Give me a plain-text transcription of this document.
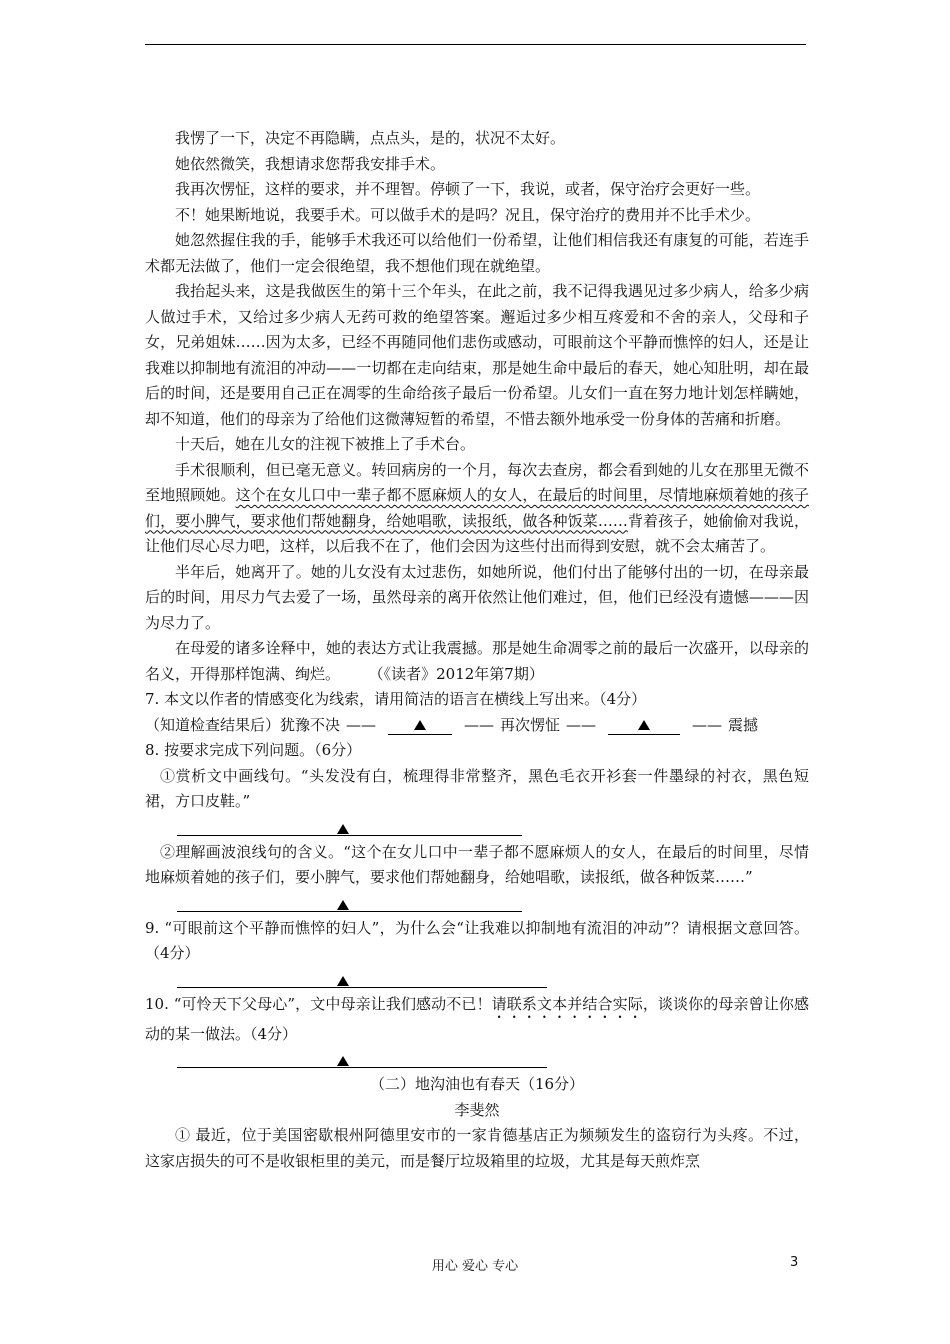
我愣了一下，决定不再隐瞒，点点头，是的，状况不太好。

她依然微笑，我想请求您帮我安排手术。

我再次愣怔，这样的要求，并不理智。停顿了一下，我说，或者，保守治疗会更好一些。

不！她果断地说，我要手术。可以做手术的是吗？况且，保守治疗的费用并不比手术少。

她忽然握住我的手，能够手术我还可以给他们一份希望，让他们相信我还有康复的可能，若连手术都无法做了，他们一定会很绝望，我不想他们现在就绝望。

我抬起头来，这是我做医生的第十三个年头，在此之前，我不记得我遇见过多少病人，给多少病人做过手术，又给过多少病人无药可救的绝望答案。邂逅过多少相互疼爱和不舍的亲人，父母和子女，兄弟姐妹……因为太多，已经不再随同他们悲伤或感动，可眼前这个平静而憔悴的妇人，还是让我难以抑制地有流泪的冲动——一切都在走向结束，那是她生命中最后的春天，她心知肚明，却在最后的时间，还是要用自己正在凋零的生命给孩子最后一份希望。儿女们一直在努力地计划怎样瞒她，却不知道，他们的母亲为了给他们这微薄短暂的希望，不惜去额外地承受一份身体的苦痛和折磨。

十天后，她在儿女的注视下被推上了手术台。

手术很顺利，但已毫无意义。转回病房的一个月，每次去查房，都会看到她的儿女在那里无微不至地照顾她。这个在女儿口中一辈子都不愿麻烦人的女人，在最后的时间里，尽情地麻烦着她的孩子们，要小脾气，要求他们帮她翻身，给她唱歌，读报纸，做各种饭菜……背着孩子，她偷偷对我说，让他们尽心尽力吧，这样，以后我不在了，他们会因为这些付出而得到安慰，就不会太痛苦了。

半年后，她离开了。她的儿女没有太过悲伤，如她所说，他们付出了能够付出的一切，在母亲最后的时间，用尽力气去爱了一场，虽然母亲的离开依然让他们难过，但，他们已经没有遗憾———因为尽力了。

在母爱的诸多诠释中，她的表达方式让我震撼。那是她生命凋零之前的最后一次盛开，以母亲的名义，开得那样饱满、绚烂。      （《读者》2012年第7期）

7. 本文以作者的情感变化为线索，请用简洁的语言在横线上写出来。（4分）

（知道检查结果后）犹豫不决 ——	—— 再次愣怔 ——	—— 震撼

8. 按要求完成下列问题。（6分）

①赏析文中画线句。“头发没有白，梳理得非常整齐，黑色毛衣开衫套一件墨绿的衬衣，黑色短裙，方口皮鞋。”

②理解画波浪线句的含义。“这个在女儿口中一辈子都不愿麻烦人的女人，在最后的时间里，尽情地麻烦着她的孩子们，要小脾气，要求他们帮她翻身，给她唱歌，读报纸，做各种饭菜……”

9. “可眼前这个平静而憔悴的妇人”，为什么会“让我难以抑制地有流泪的冲动”？请根据文意回答。（4分）

10. “可怜天下父母心”，文中母亲让我们感动不已！请联系文本并结合实际，谈谈你的母亲曾让你感动的某一做法。（4分）

（二）地沟油也有春天（16分）

李斐然

① 最近，位于美国密歇根州阿德里安市的一家肯德基店正为频频发生的盗窃行为头疼。不过，这家店损失的可不是收银柜里的美元，而是餐厅垃圾箱里的垃圾，尤其是每天煎炸烹

用心 爱心 专心	3
